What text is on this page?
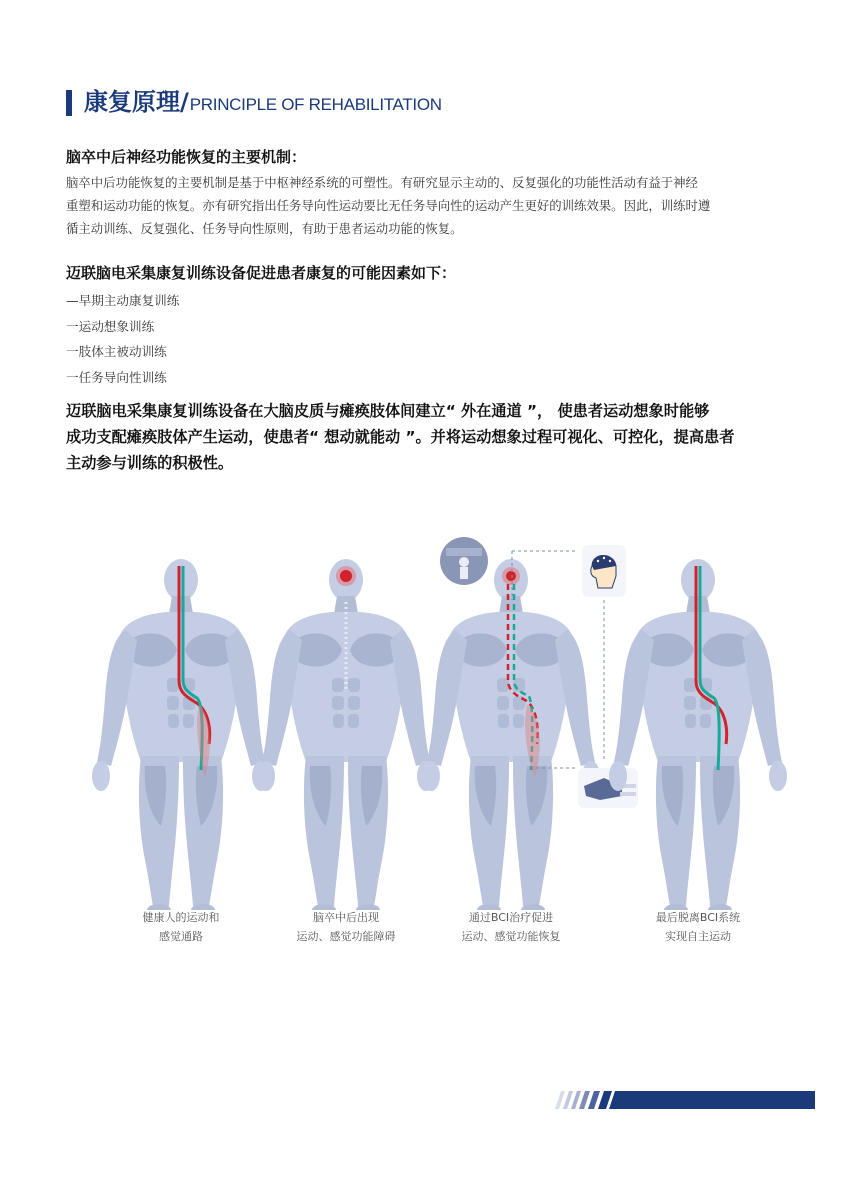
康复原理 / PRINCIPLE OF REHABILITATION
脑卒中后神经功能恢复的主要机制：
脑卒中后功能恢复的主要机制是基于中枢神经系统的可塑性。有研究显示主动的、反复强化的功能性活动有益于神经
重塑和运动功能的恢复。亦有研究指出任务导向性运动要比无任务导向性的运动产生更好的训练效果。因此，训练时遵
循主动训练、反复强化、任务导向性原则，有助于患者运动功能的恢复。
迈联脑电采集康复训练设备促进患者康复的可能因素如下：
—早期主动康复训练
一运动想象训练
一肢体主被动训练
一任务导向性训练
迈联脑电采集康复训练设备在大脑皮质与瘫痪肢体间建立“ 外在通道 ”， 使患者运动想象时能够
成功支配瘫痪肢体产生运动，使患者“ 想动就能动 ”。并将运动想象过程可视化、可控化，提高患者
主动参与训练的积极性。
健康人的运动和
感觉通路
脑卒中后出现
运动、感觉功能障碍
通过BCI治疗促进
运动、感觉功能恢复
最后脱离BCI系统
实现自主运动
